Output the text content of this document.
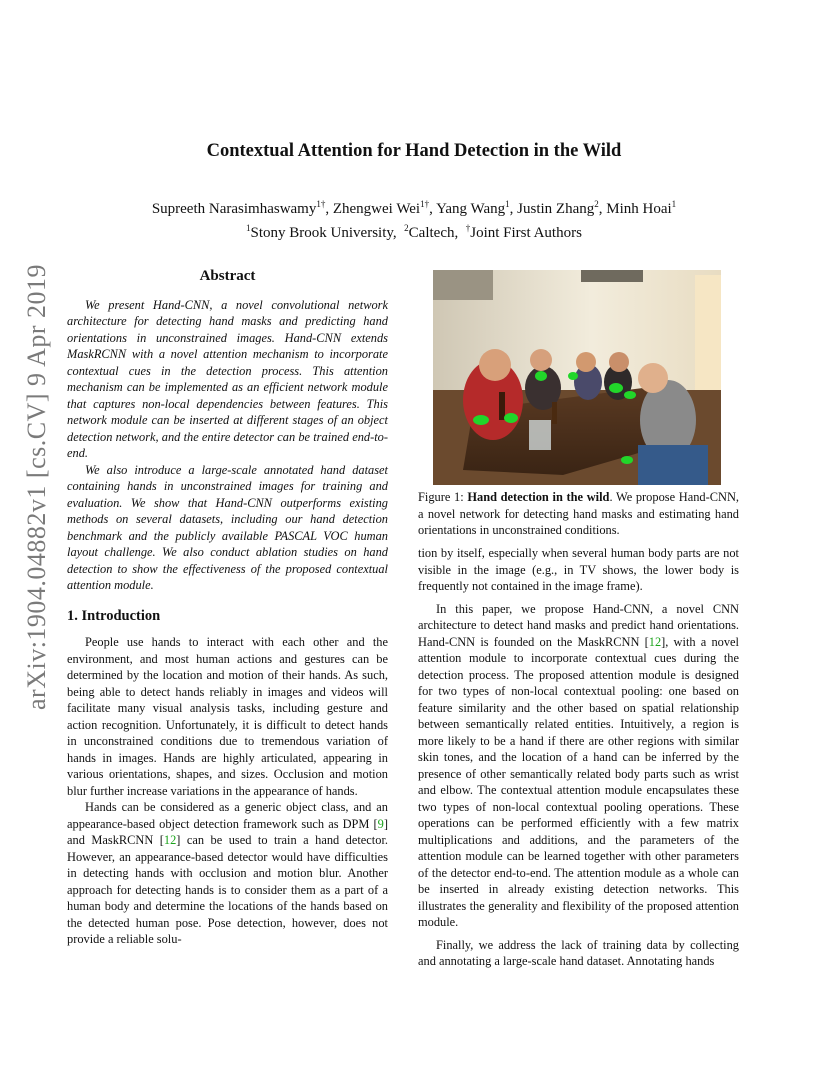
arXiv:1904.04882v1 [cs.CV] 9 Apr 2019
Contextual Attention for Hand Detection in the Wild
Supreeth Narasimhaswamy$^{1\dagger}$, Zhengwei Wei$^{1\dagger}$, Yang Wang$^1$, Justin Zhang$^2$, Minh Hoai$^1$
$^1$Stony Brook University, $^2$Caltech, †Joint First Authors
Abstract

We present Hand-CNN, a novel convolutional network architecture for detecting hand masks and predicting hand orientations in unconstrained images. Hand-CNN extends MaskRCNN with a novel attention mechanism to incorporate contextual cues in the detection process. This attention mechanism can be implemented as an efficient network module that captures non-local dependencies between features. This network module can be inserted at different stages of an object detection network, and the entire detector can be trained end-to-end.

We also introduce a large-scale annotated hand dataset containing hands in unconstrained images for training and evaluation. We show that Hand-CNN outperforms existing methods on several datasets, including our hand detection benchmark and the publicly available PASCAL VOC human layout challenge. We also conduct ablation studies on hand detection to show the effectiveness of the proposed contextual attention module.

1. Introduction

People use hands to interact with each other and the environment, and most human actions and gestures can be determined by the location and motion of their hands. As such, being able to detect hands reliably in images and videos will facilitate many visual analysis tasks, including gesture and action recognition. Unfortunately, it is difficult to detect hands in unconstrained conditions due to tremendous variation of hands in images. Hands are highly articulated, appearing in various orientations, shapes, and sizes. Occlusion and motion blur further increase variations in the appearance of hands.

Hands can be considered as a generic object class, and an appearance-based object detection framework such as DPM [9] and MaskRCNN [12] can be used to train a hand detector. However, an appearance-based detector would have difficulties in detecting hands with occlusion and motion blur. Another approach for detecting hands is to consider them as a part of a human body and determine the locations of the hands based on the detected human pose. Pose detection, however, does not provide a reliable solu-

Figure 1: Hand detection in the wild. We propose Hand-CNN, a novel network for detecting hand masks and estimating hand orientations in unconstrained conditions.

tion by itself, especially when several human body parts are not visible in the image (e.g., in TV shows, the lower body is frequently not contained in the image frame).

In this paper, we propose Hand-CNN, a novel CNN architecture to detect hand masks and predict hand orientations. Hand-CNN is founded on the MaskRCNN [12], with a novel attention module to incorporate contextual cues during the detection process. The proposed attention module is designed for two types of non-local contextual pooling: one based on feature similarity and the other based on spatial relationship between semantically related entities. Intuitively, a region is more likely to be a hand if there are other regions with similar skin tones, and the location of a hand can be inferred by the presence of other semantically related body parts such as wrist and elbow. The contextual attention module encapsulates these two types of non-local contextual pooling operations. These operations can be performed efficiently with a few matrix multiplications and additions, and the parameters of the attention module can be learned together with other parameters of the detector end-to-end. The attention module as a whole can be inserted in already existing detection networks. This illustrates the generality and flexibility of the proposed attention module.

Finally, we address the lack of training data by collecting and annotating a large-scale hand dataset. Annotating hands
